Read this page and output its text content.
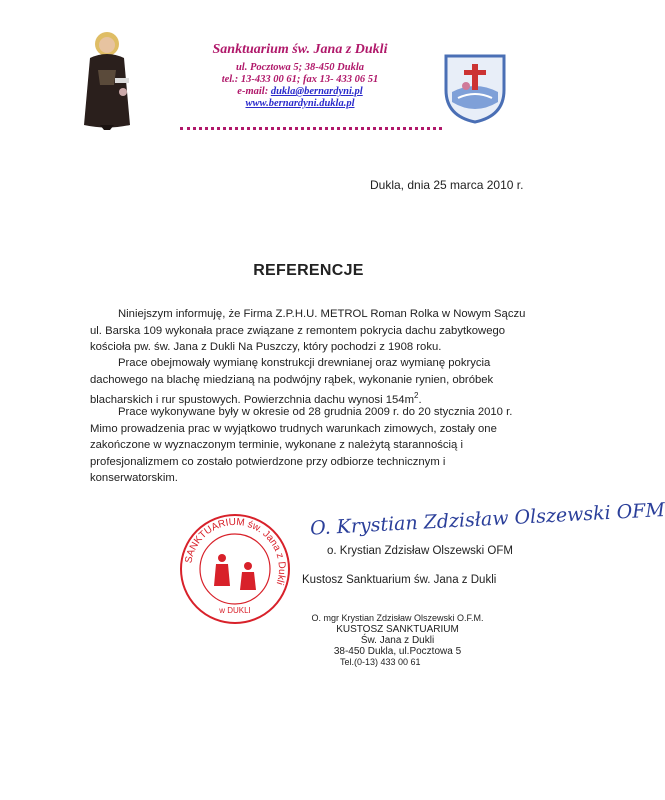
Sanktuarium św. Jana z Dukli
ul. Pocztowa 5; 38-450 Dukla
tel.: 13-433 00 61; fax 13- 433 06 51
e-mail: dukla@bernardyni.pl
www.bernardyni.dukla.pl
Dukla, dnia 25 marca 2010 r.
REFERENCJE
Niniejszym informuję, że Firma Z.P.H.U. METROL Roman Rolka w Nowym Sączu ul. Barska 109 wykonała prace związane z remontem pokrycia dachu zabytkowego kościoła pw. św. Jana z Dukli Na Puszczy, który pochodzi z 1908 roku.
Prace obejmowały wymianę konstrukcji drewnianej oraz wymianę pokrycia dachowego na blachę miedzianą na podwójny rąbek, wykonanie rynien, obróbek blacharskich i rur spustowych. Powierzchnia dachu wynosi $154m^2$.
Prace wykonywane były w okresie od 28 grudnia 2009 r. do 20 stycznia 2010 r. Mimo prowadzenia prac w wyjątkowo trudnych warunkach zimowych, zostały one zakończone w wyznaczonym terminie, wykonane z należytą starannością i profesjonalizmem co zostało potwierdzone przy odbiorze technicznym i konserwatorskim.
SANKTUARIUM św. Jana z Dukli
w DUKLI
O. Krystian Zdzisław Olszewski OFM
o. Krystian Zdzisław Olszewski OFM
Kustosz Sanktuarium św. Jana z Dukli
O. mgr Krystian Zdzisław Olszewski O.F.M.
KUSTOSZ SANKTUARIUM
Św. Jana z Dukli
38-450 Dukla, ul.Pocztowa 5
Tel.(0-13) 433 00 61
